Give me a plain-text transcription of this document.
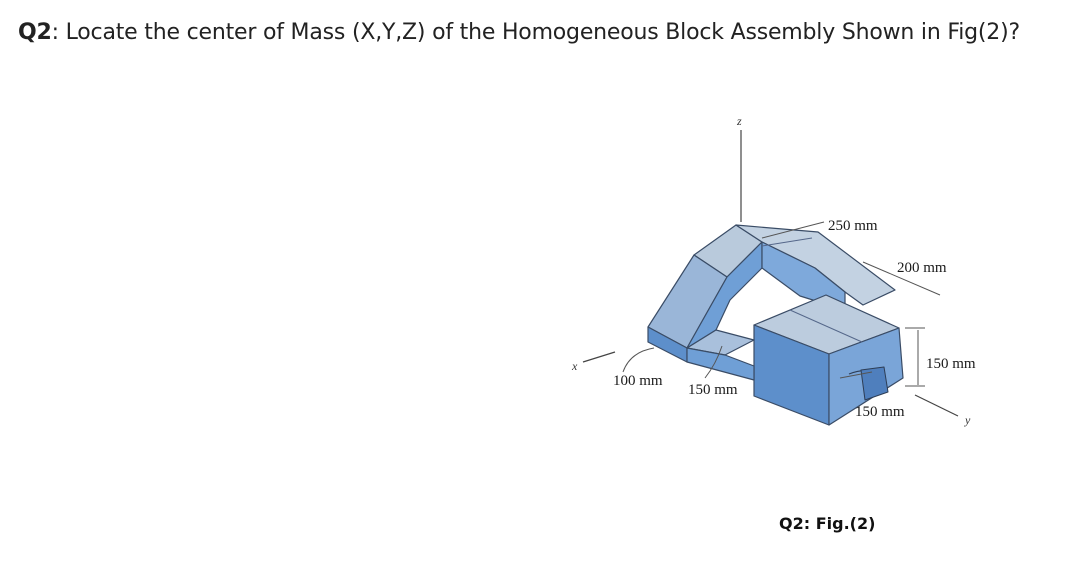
Q2: Locate the center of Mass (X,Y,Z) of the Homogeneous Block Assembly Shown in Fig(2)?
z
x
y
250 mm
200 mm
150 mm
100 mm
150 mm
150 mm
Q2: Fig.(2)
